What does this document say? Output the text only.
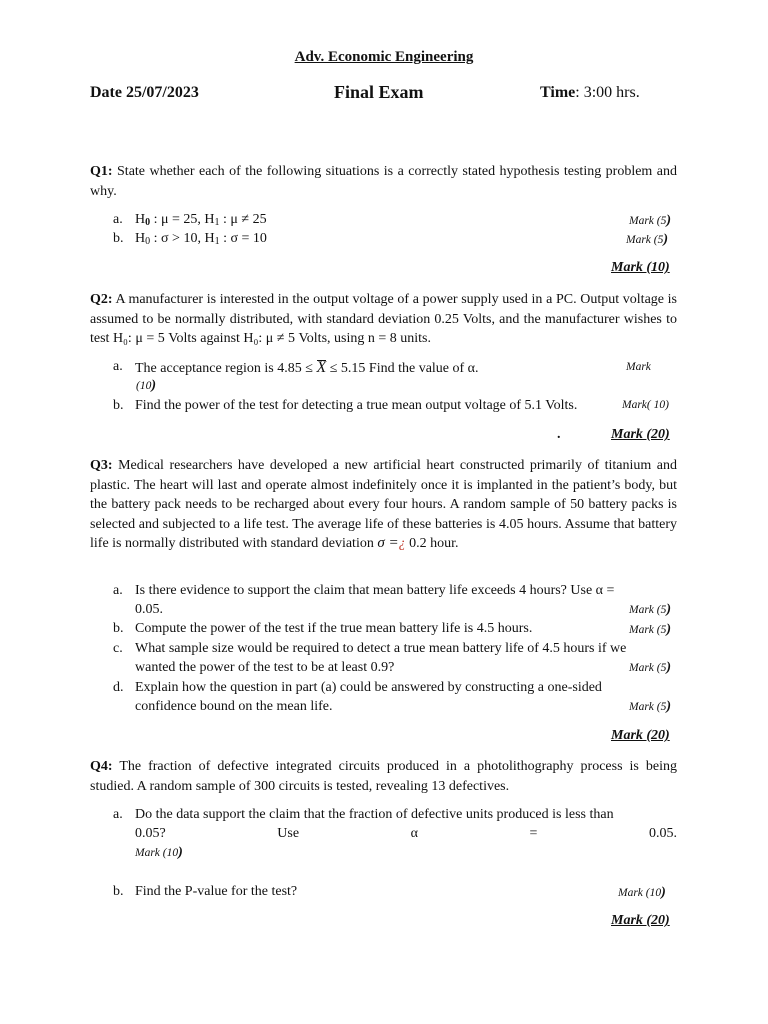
Adv. Economic Engineering
Date 25/07/2023	Final Exam	Time: 3:00 hrs.
Q1: State whether each of the following situations is a correctly stated hypothesis testing problem and why.
a. $H_0$ : μ = 25, $H_1$ : μ ≠ 25	Mark (5)
b. $H_0$ : σ > 10, $H_1$ : σ = 10	Mark (5)
Mark (10)
Q2: A manufacturer is interested in the output voltage of a power supply used in a PC. Output voltage is assumed to be normally distributed, with standard deviation 0.25 Volts, and the manufacturer wishes to test H₀: μ = 5 Volts against H₀: μ ≠ 5 Volts, using n = 8 units.
a. The acceptance region is 4.85 ≤ X ≤ 5.15 Find the value of α.	Mark
(10)
b. Find the power of the test for detecting a true mean output voltage of 5.1 Volts.	Mark( 10)
.	Mark (20)
Q3: Medical researchers have developed a new artificial heart constructed primarily of titanium and plastic. The heart will last and operate almost indefinitely once it is implanted in the patient’s body, but the battery pack needs to be recharged about every four hours. A random sample of 50 battery packs is selected and subjected to a life test. The average life of these batteries is 4.05 hours. Assume that battery life is normally distributed with standard deviation σ =¿ 0.2 hour.
a. Is there evidence to support the claim that mean battery life exceeds 4 hours? Use α =
0.05.	Mark (5)
b. Compute the power of the test if the true mean battery life is 4.5 hours.	Mark (5)
c. What sample size would be required to detect a true mean battery life of 4.5 hours if we
wanted the power of the test to be at least 0.9?	Mark (5)
d. Explain how the question in part (a) could be answered by constructing a one-sided
confidence bound on the mean life.	Mark (5)
Mark (20)
Q4: The fraction of defective integrated circuits produced in a photolithography process is being studied. A random sample of 300 circuits is tested, revealing 13 defectives.
a. Do the data support the claim that the fraction of defective units produced is less than
0.05?	Use	α	=	0.05.
Mark (10)
b. Find the P-value for the test?	Mark (10)
Mark (20)
